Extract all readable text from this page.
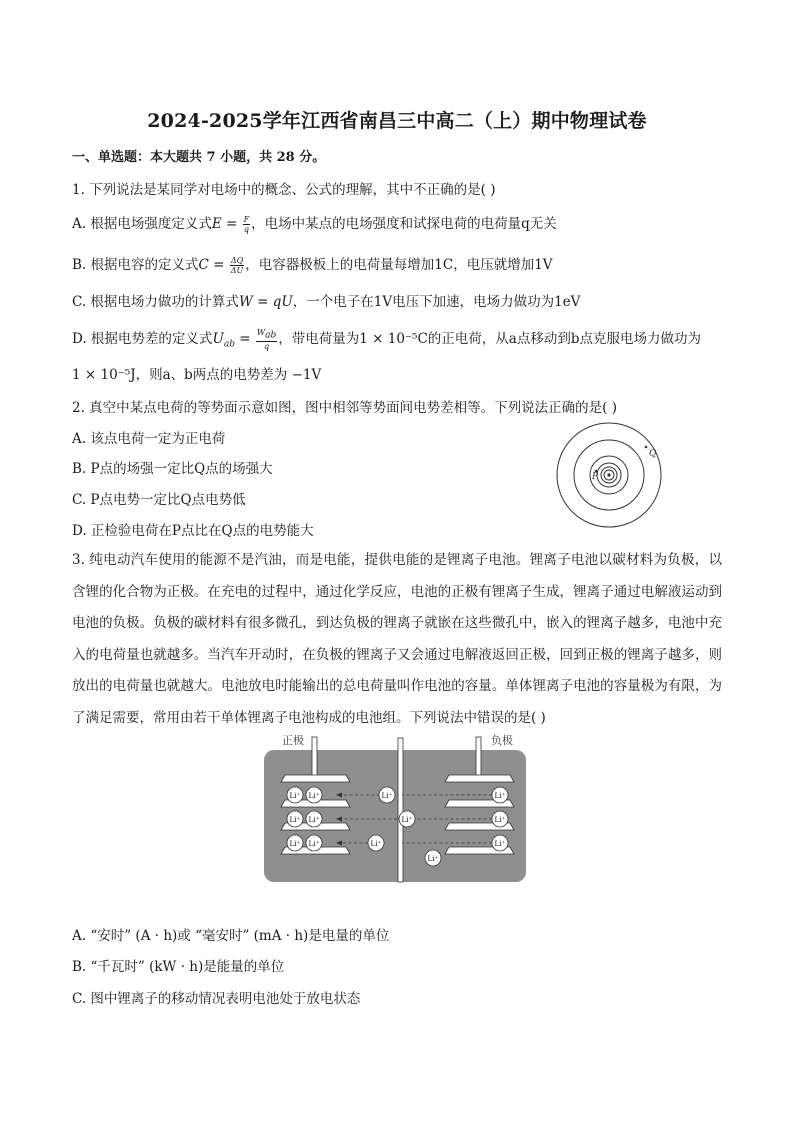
2024-2025学年江西省南昌三中高二（上）期中物理试卷
一、单选题：本大题共 7 小题，共 28 分。
1. 下列说法是某同学对电场中的概念、公式的理解，其中不正确的是( )
A. 根据电场强度定义式$E = \frac{F}{q}$ ，电场中某点的电场强度和试探电荷的电荷量q无关
B. 根据电容的定义式$C = \frac{\Delta Q}{\Delta U}$ ，电容器极板上的电荷量每增加1C，电压就增加1V
C. 根据电场力做功的计算式W = qU，一个电子在1V电压下加速，电场力做功为1eV
D. 根据电势差的定义式$U_{ab} = \frac{W_{ab}}{q}$ ，带电荷量为1 × 10⁻⁵C的正电荷，从a点移动到b点克服电场力做功为
1 × 10⁻⁵J，则a、b两点的电势差为 −1V
2. 真空中某点电荷的等势面示意如图，图中相邻等势面间电势差相等。下列说法正确的是( )
A. 该点电荷一定为正电荷
B. P点的场强一定比Q点的场强大
C. P点电势一定比Q点电势低
D. 正检验电荷在P点比在Q点的电势能大
P
Q
3. 纯电动汽车使用的能源不是汽油，而是电能，提供电能的是锂离子电池。锂离子电池以碳材料为负极，以含锂的化合物为正极。在充电的过程中，通过化学反应，电池的正极有锂离子生成，锂离子通过电解液运动到电池的负极。负极的碳材料有很多微孔，到达负极的锂离子就嵌在这些微孔中，嵌入的锂离子越多，电池中充入的电荷量也就越多。当汽车开动时，在负极的锂离子又会通过电解液返回正极，回到正极的锂离子越多，则放出的电荷量也就越大。电池放电时能输出的总电荷量叫作电池的容量。单体锂离子电池的容量极为有限，为了满足需要，常用由若干单体锂离子电池构成的电池组。下列说法中错误的是( )
正极	负极
Li⁺ Li⁺	Li⁺
Li⁺ Li⁺	Li⁺
Li⁺ Li⁺	Li⁺
Li⁺
Li⁺
Li⁺
Li⁺
A. “安时” (A · h)或 “毫安时” (mA · h)是电量的单位
B. “千瓦时” (kW · h)是能量的单位
C. 图中锂离子的移动情况表明电池处于放电状态
